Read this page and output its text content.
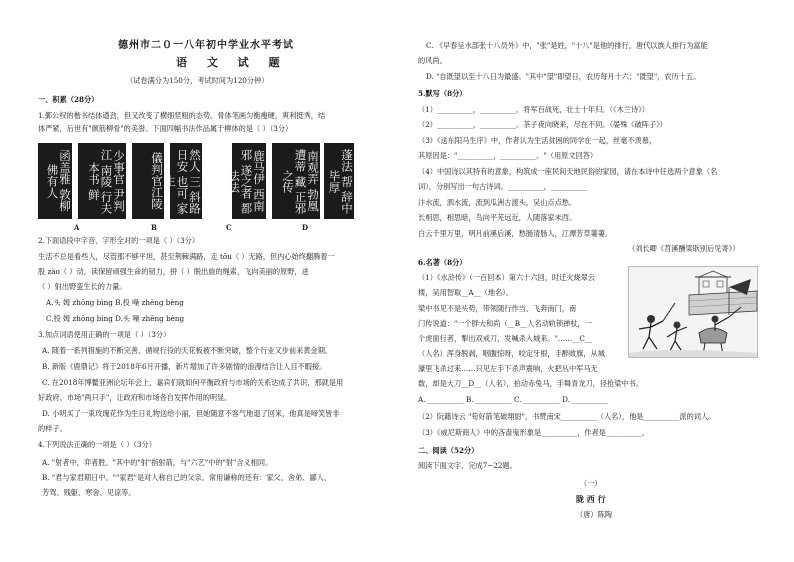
德州市二０一八年初中学业水平考试
语 文 试 题
（试卷满分为150分，考试时间为120分钟）
一、积累（28分）
1.鄞公权的楷书结体遒劲，但又改变了横细竖粗的态势。骨体笔画匀衡瘦硬，爽利挺秀，结
体严紧，后世有"颜筋柳骨"的美誉。下面四幅书法作品属于柳体的是（ ）（3分）
函盖雅 敦柳 佛有人	少事官 尹判江 南陵 行夫 本书 鲜	儀判官江陵	然人 三 斜路 日安 也可 家生	鹿马伊 西南邪 遂之者 都法法	南观弄 勃凰 遭蒂 藏 正邪 之传	蓬法 帮 辞中 毕厚
A	B	C	D
2.下面语段中字音、字形全对的一项是（ ）（3分）
生活不总是看些人，尽管那不够平坦，甚至荆棘满路，走 tōu（ ）无路，但内心始终翻腾着一
股 zào（ ）动，读保留顽强生命的韧力，拼（ ）脱出旋的绳索，飞向美丽的原野，迸
（ ）射出野蛮生长的力量。
A.头 姆 zhōng bìng B.投 噪 zhēng bèng
C.投 姆 zhōng bìng D.头 噪 zhēng bèng
3.加点词语使用正确的一项是（ ）（3分）
A. 随着一系列措施的不断完善，循规行役的天花板被不断突破，整个行业又步前来黄金期。
B. 新版《鹿鼎记》将于2018年6月开播，新片增加了许多剧情的浪漫结合让人目不暇接。
C. 在2018年博鳌亚洲论坛年会上，嘉宾们就如何平衡政府与市场的关系达成了共识，那就是用
好政府、市场"两只手"，让政府和市场各自发挥作用的明显。
D. 小明买了一束玫瑰花作为生日礼物送给小丽，但她随意不客气地退了回来，他真是啼笑皆非
的样子。
4.下列说法正确的一项是（ ）（3分）
A. "射者中，弈者胜。"其中的"射"指射箭，与"六艺"中的"射"含义相同。
B. "君与家君期日中。""家君"是对人称自己的父亲。常用谦称的还有：家父、舍弟、鄙人、
芳驾、贱躯、寒舍、见谅等。
C. 《早春呈水部张十八员外》中，"张"是姓，"十八"是他的排行，唐代以族人排行为富能
的风尚。
D. "自既望以至十八日为最盛。"其中"望"即望日，农历每月十六；"既望"，农历十五。
5.默写（8分）
（1）__________，__________。将军百战死，壮士十年归。（《木兰诗》）
（2）__________，__________。茶子夜向晓来，尽在不同。（晏殊《破阵子》）
（3）《送东阳马生序》中，作者认为生活贫困的同学在一起，丝毫不羡慕，
其原因是："__________，__________。"（用原文回答）
（4）中国诗以其特有的意象，构筑成一座民间天地民俗的家园，请在本诗中任选两个意象（名
词），分别写出一句古诗词。__________，__________
汴水流，泗水流，流到瓜洲古渡头，吴山点点愁。
长相思，相思暗，鸟向平芜远近，人随落家未西。
白云千里万里，明月前溪后溪，愁肠清肠人，江潭芳草萋萋。
（刘长卿《苕溪酬梁耿别后见寄》）
6.名著（8分）
（1）《水浒传》（一百回本）第六十六回，时迁火烧翠云
楼，吴用智取__A__（地名）。
梁中书见不是头势，带领随行作当、飞奔南门，南
门传说道："一个胖大和尚（__B__人名动轨锁禅杖，一
个虎面行者，掣出双戒刀，发喊杀入城来。"……__C__
（人名）浑身脱剥，咽腹惊呀，咬定牙根，手醉败旗，从城
濠里飞杀过来……只见左手下杀声震响，火把丛中军马无
数，却是大刀__D__（人名），拍动赤兔马，手舞青龙刀，径抢梁中书。
A. __________ B. __________ C. __________ D. __________
（2）阮籍诗云 "苟好箭笔破翔尉"，书赞南宋__________（人名），他是__________派的词人。
（3）《威尼斯商人》中的吝啬鬼形象是__________，作者是__________。
二、阅读（52分）
阅读下面文字，完成7~22题。
（一）
陇 西 行
（唐）陈陶
